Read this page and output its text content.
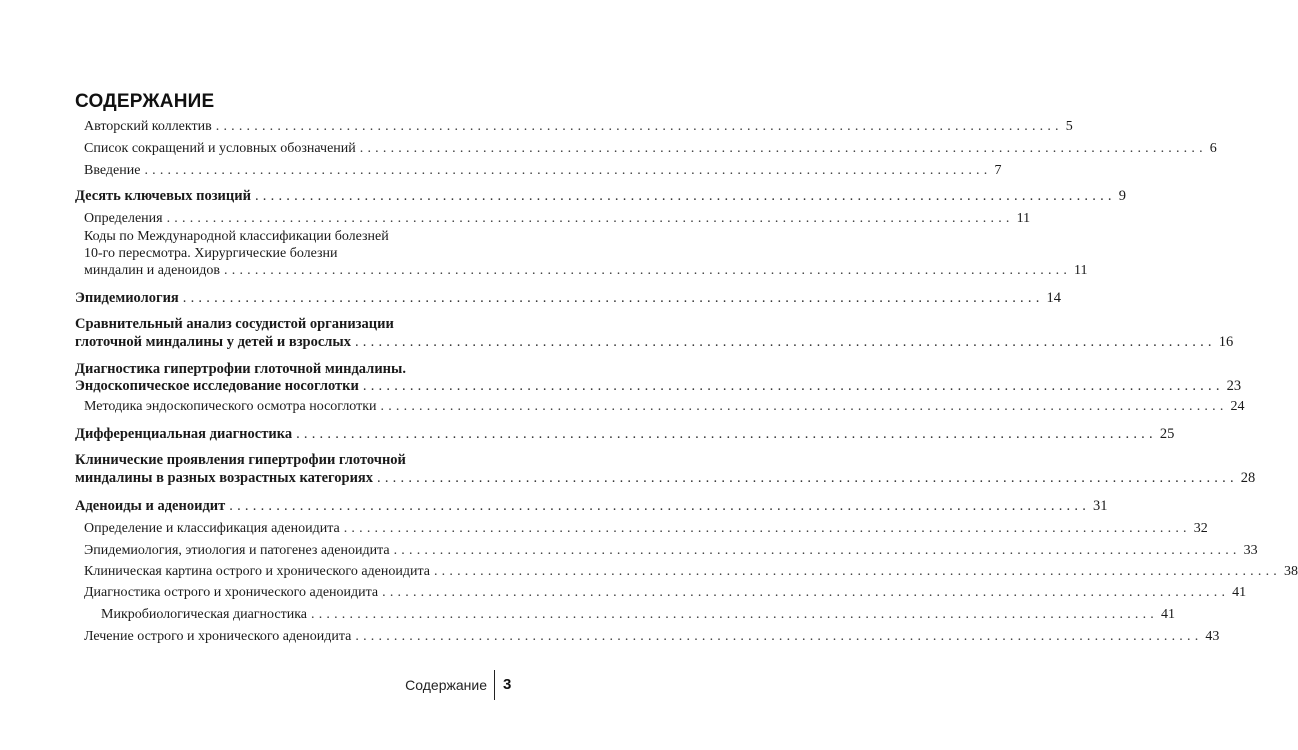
СОДЕРЖАНИЕ
Авторский коллектив .............................................................................................................. 5
Список сокращений и условных обозначений .............................................................................................................. 6
Введение .............................................................................................................. 7
Десять ключевых позиций .............................................................................................................. 9
Определения .............................................................................................................. 11
Коды по Международной классификации болезней
10-го пересмотра. Хирургические болезни
миндалин и аденоидов .............................................................................................................. 11
Эпидемиология .............................................................................................................. 14
Сравнительный анализ сосудистой организации
глоточной миндалины у детей и взрослых .............................................................................................................. 16
Диагностика гипертрофии глоточной миндалины.
Эндоскопическое исследование носоглотки .............................................................................................................. 23
Методика эндоскопического осмотра носоглотки .............................................................................................................. 24
Дифференциальная диагностика .............................................................................................................. 25
Клинические проявления гипертрофии глоточной
миндалины в разных возрастных категориях .............................................................................................................. 28
Аденоиды и аденоидит .............................................................................................................. 31
Определение и классификация аденоидита .............................................................................................................. 32
Эпидемиология, этиология и патогенез аденоидита .............................................................................................................. 33
Клиническая картина острого и хронического аденоидита .............................................................................................................. 38
Диагностика острого и хронического аденоидита .............................................................................................................. 41
Микробиологическая диагностика .............................................................................................................. 41
Лечение острого и хронического аденоидита .............................................................................................................. 43
Содержание 3
